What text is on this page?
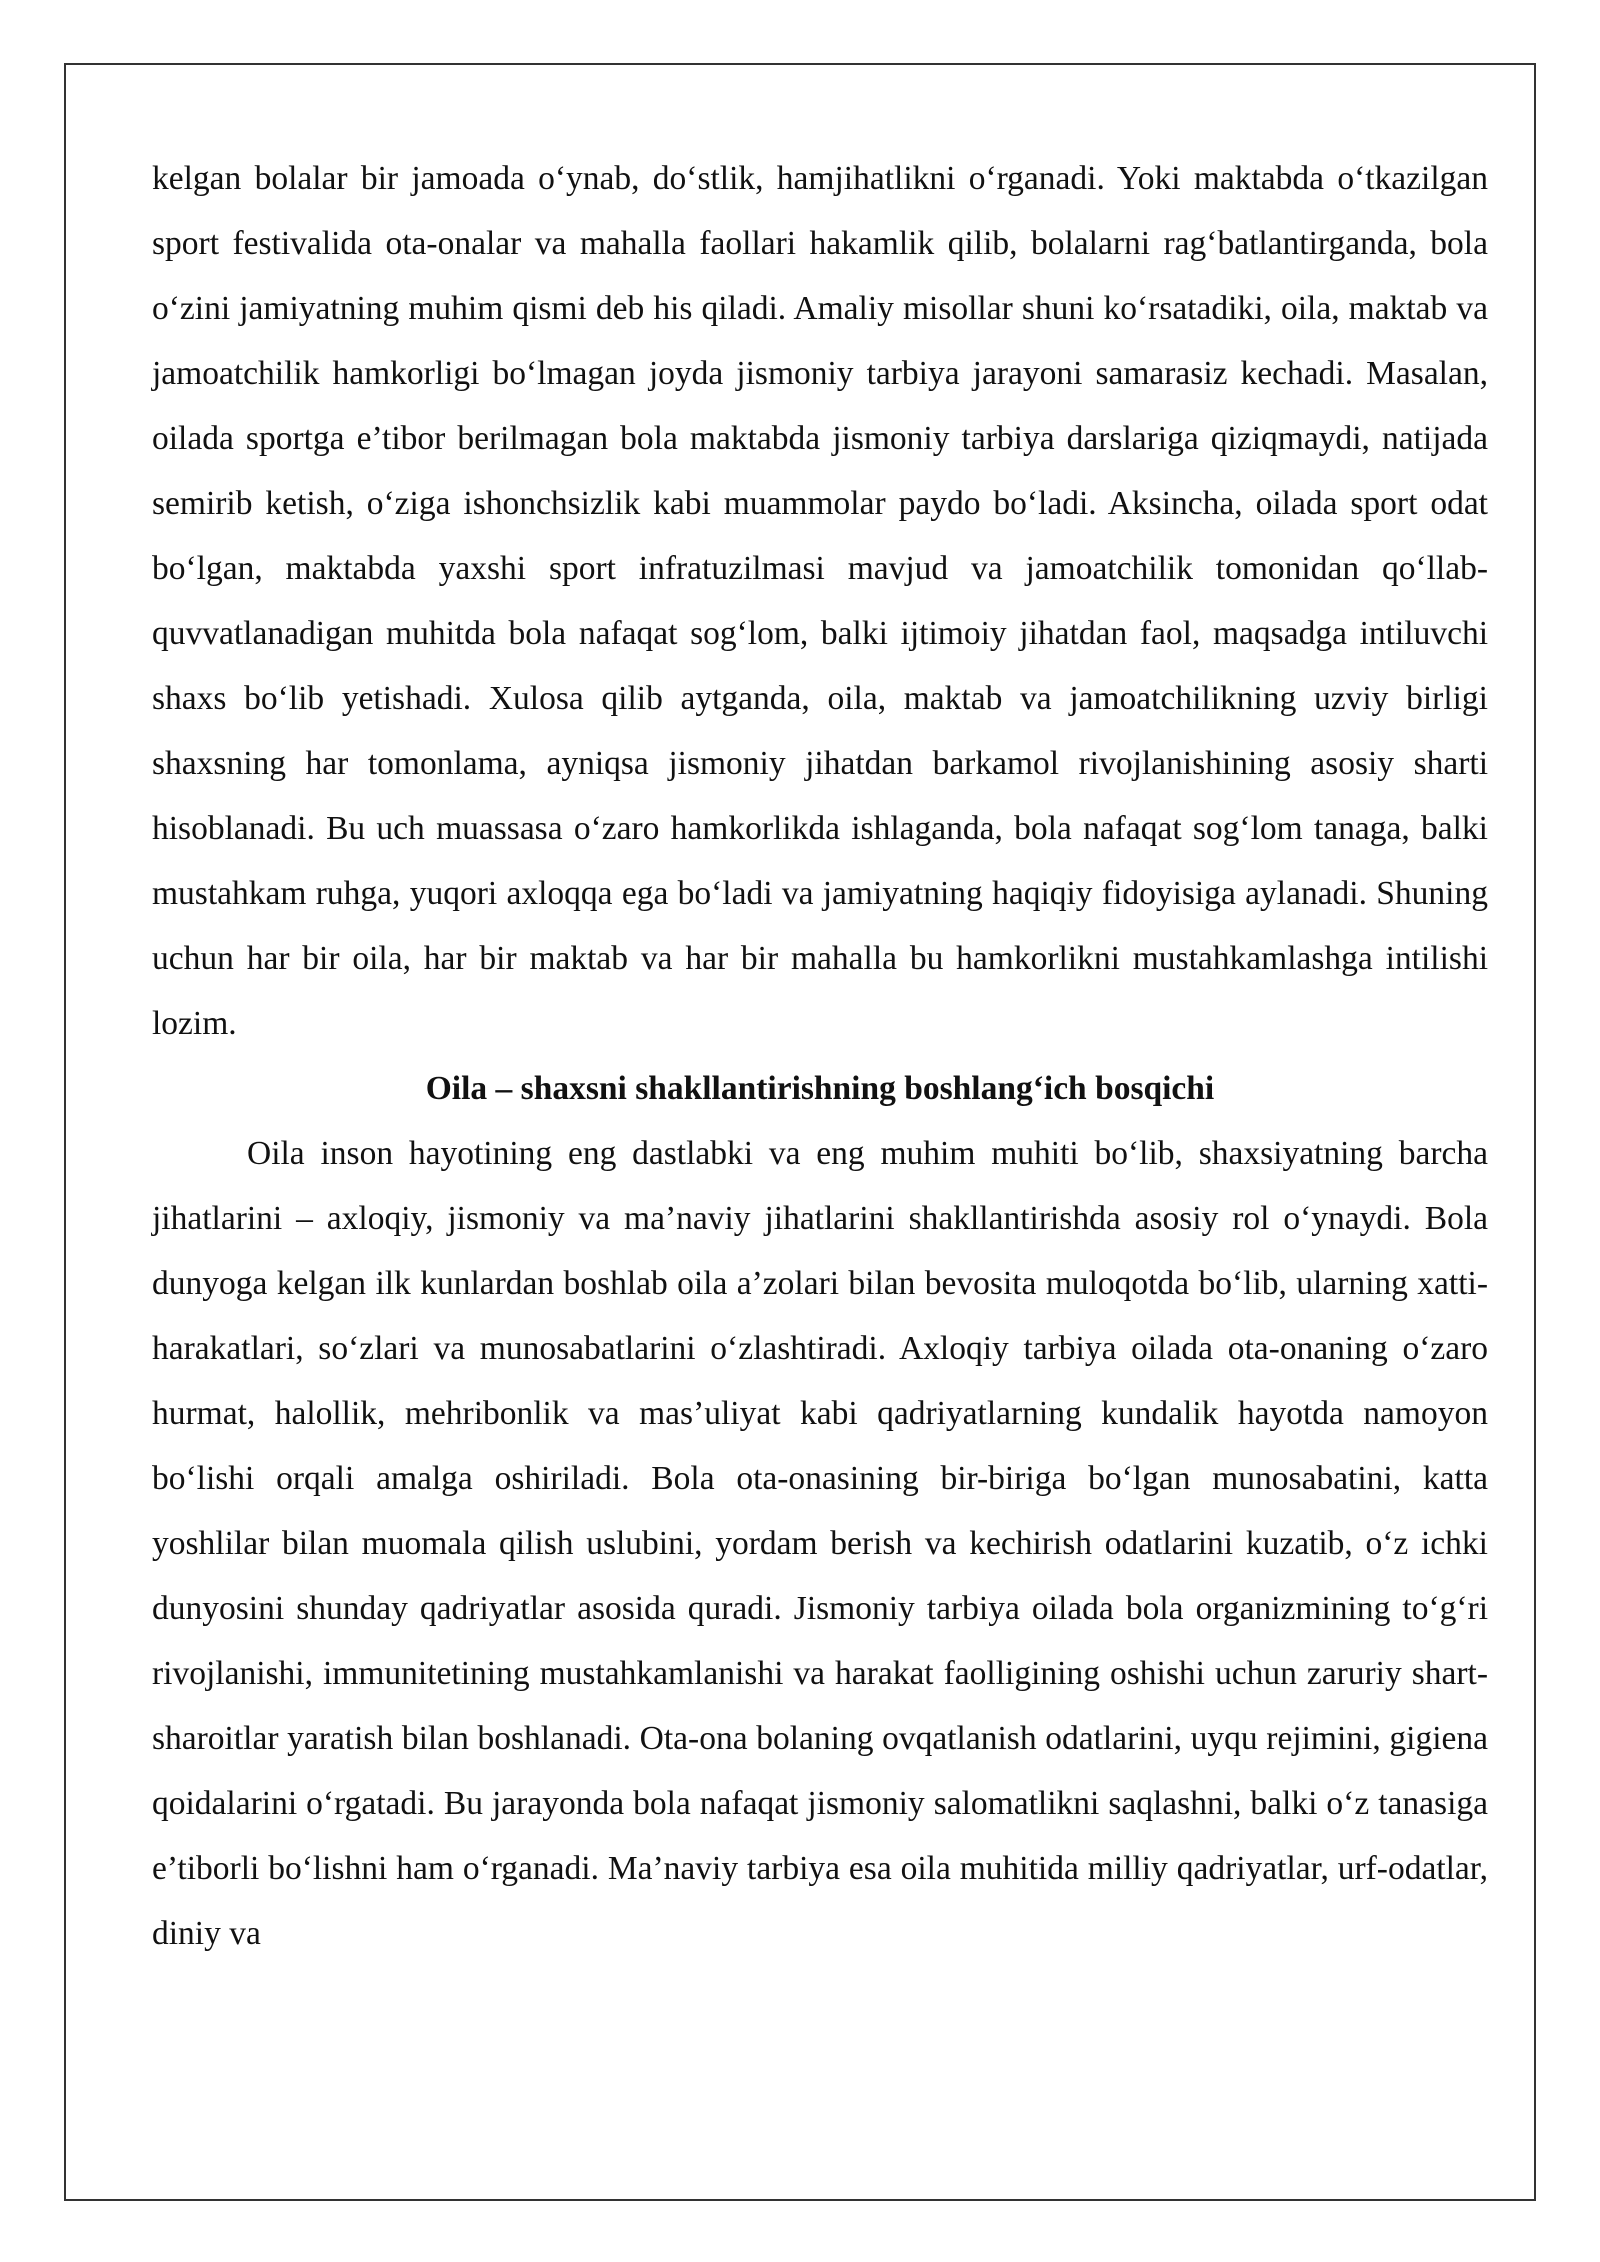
kelgan bolalar bir jamoada o‘ynab, do‘stlik, hamjihatlikni o‘rganadi. Yoki maktabda o‘tkazilgan sport festivalida ota-onalar va mahalla faollari hakamlik qilib, bolalarni rag‘batlantirganda, bola o‘zini jamiyatning muhim qismi deb his qiladi. Amaliy misollar shuni ko‘rsatadiki, oila, maktab va jamoatchilik hamkorligi bo‘lmagan joyda jismoniy tarbiya jarayoni samarasiz kechadi. Masalan, oilada sportga e’tibor berilmagan bola maktabda jismoniy tarbiya darslariga qiziqmaydi, natijada semirib ketish, o‘ziga ishonchsizlik kabi muammolar paydo bo‘ladi. Aksincha, oilada sport odat bo‘lgan, maktabda yaxshi sport infratuzilmasi mavjud va jamoatchilik tomonidan qo‘llab-quvvatlanadigan muhitda bola nafaqat sog‘lom, balki ijtimoiy jihatdan faol, maqsadga intiluvchi shaxs bo‘lib yetishadi. Xulosa qilib aytganda, oila, maktab va jamoatchilikning uzviy birligi shaxsning har tomonlama, ayniqsa jismoniy jihatdan barkamol rivojlanishining asosiy sharti hisoblanadi. Bu uch muassasa o‘zaro hamkorlikda ishlaganda, bola nafaqat sog‘lom tanaga, balki mustahkam ruhga, yuqori axloqqa ega bo‘ladi va jamiyatning haqiqiy fidoyisiga aylanadi. Shuning uchun har bir oila, har bir maktab va har bir mahalla bu hamkorlikni mustahkamlashga intilishi lozim.

Oila – shaxsni shakllantirishning boshlang‘ich bosqichi

Oila inson hayotining eng dastlabki va eng muhim muhiti bo‘lib, shaxsiyatning barcha jihatlarini – axloqiy, jismoniy va ma’naviy jihatlarini shakllantirishda asosiy rol o‘ynaydi. Bola dunyoga kelgan ilk kunlardan boshlab oila a’zolari bilan bevosita muloqotda bo‘lib, ularning xatti-harakatlari, so‘zlari va munosabatlarini o‘zlashtiradi. Axloqiy tarbiya oilada ota-onaning o‘zaro hurmat, halollik, mehribonlik va mas’uliyat kabi qadriyatlarning kundalik hayotda namoyon bo‘lishi orqali amalga oshiriladi. Bola ota-onasining bir-biriga bo‘lgan munosabatini, katta yoshlilar bilan muomala qilish uslubini, yordam berish va kechirish odatlarini kuzatib, o‘z ichki dunyosini shunday qadriyatlar asosida quradi. Jismoniy tarbiya oilada bola organizmining to‘g‘ri rivojlanishi, immunitetining mustahkamlanishi va harakat faolligining oshishi uchun zaruriy shart-sharoitlar yaratish bilan boshlanadi. Ota-ona bolaning ovqatlanish odatlarini, uyqu rejimini, gigiena qoidalarini o‘rgatadi. Bu jarayonda bola nafaqat jismoniy salomatlikni saqlashni, balki o‘z tanasiga e’tiborli bo‘lishni ham o‘rganadi. Ma’naviy tarbiya esa oila muhitida milliy qadriyatlar, urf-odatlar, diniy va
